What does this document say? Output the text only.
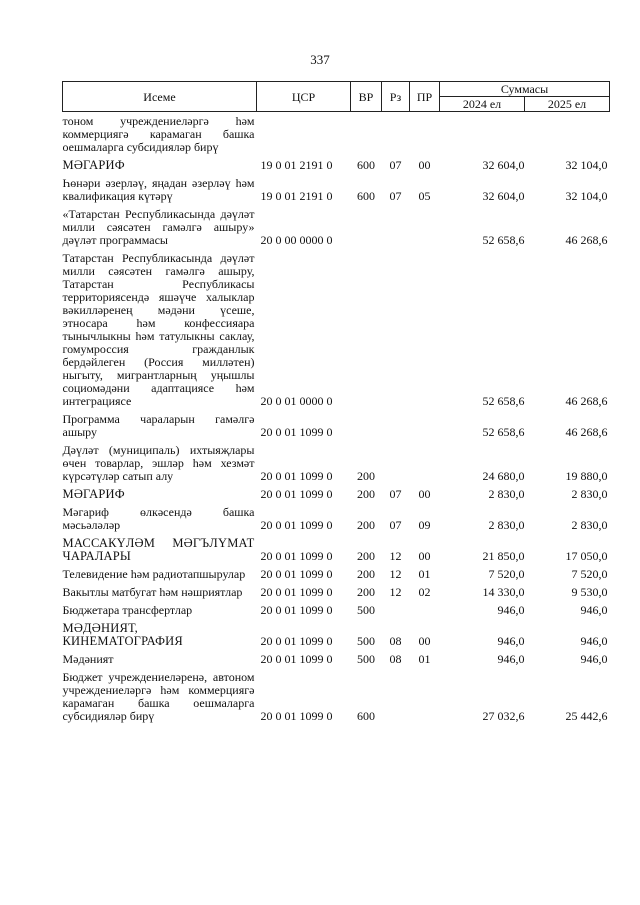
337
Исеме	ЦСР	ВР	Рз	ПР	Суммасы	
					2024 ел	2025 ел
тоном учреждениеләргә һәм коммерциягә карамаган башка оешмаларга субсидияләр бирү						
МӘГАРИФ	19 0 01 2191 0	600	07	00	32 604,0	32 104,0
Һөнәри әзерләү, яңадан әзерләү һәм квалификация күтәрү	19 0 01 2191 0	600	07	05	32 604,0	32 104,0
«Татарстан Республикасында дәүләт милли сәясәтен гамәлгә ашыру» дәүләт программасы	20 0 00 0000 0				52 658,6	46 268,6
Татарстан Республикасында дәүләт милли сәясәтен гамәлгә ашыру, Татарстан Республикасы территориясендә яшәүче халыклар вәкилләренең мәдәни үсеше, этносара һәм конфессияара тынычлыкны һәм татулыкны саклау, гомумроссия гражданлык бердәйлеген (Россия милләтен) ныгыту, мигрантларның уңышлы социомәдәни адаптациясе һәм интеграциясе	20 0 01 0000 0				52 658,6	46 268,6
Программа чараларын гамәлгә ашыру	20 0 01 1099 0				52 658,6	46 268,6
Дәүләт (муниципаль) ихтыяҗлары өчен товарлар, эшләр һәм хезмәт күрсәтүләр сатып алу	20 0 01 1099 0	200			24 680,0	19 880,0
МӘГАРИФ	20 0 01 1099 0	200	07	00	2 830,0	2 830,0
Мәгариф өлкәсендә башка мәсьәләләр	20 0 01 1099 0	200	07	09	2 830,0	2 830,0
МАССАКҮЛӘМ МӘГЪЛҮМАТ ЧАРАЛАРЫ	20 0 01 1099 0	200	12	00	21 850,0	17 050,0
Телевидение һәм радиотапшырулар	20 0 01 1099 0	200	12	01	7 520,0	7 520,0
Вакытлы матбугат һәм нәшриятлар	20 0 01 1099 0	200	12	02	14 330,0	9 530,0
Бюджетара трансфертлар	20 0 01 1099 0	500			946,0	946,0
МӘДӘНИЯТ, КИНЕМАТОГРАФИЯ	20 0 01 1099 0	500	08	00	946,0	946,0
Мәдәният	20 0 01 1099 0	500	08	01	946,0	946,0
Бюджет учреждениеләренә, автоном учреждениеләргә һәм коммерциягә карамаган башка оешмаларга субсидияләр бирү	20 0 01 1099 0	600			27 032,6	25 442,6
